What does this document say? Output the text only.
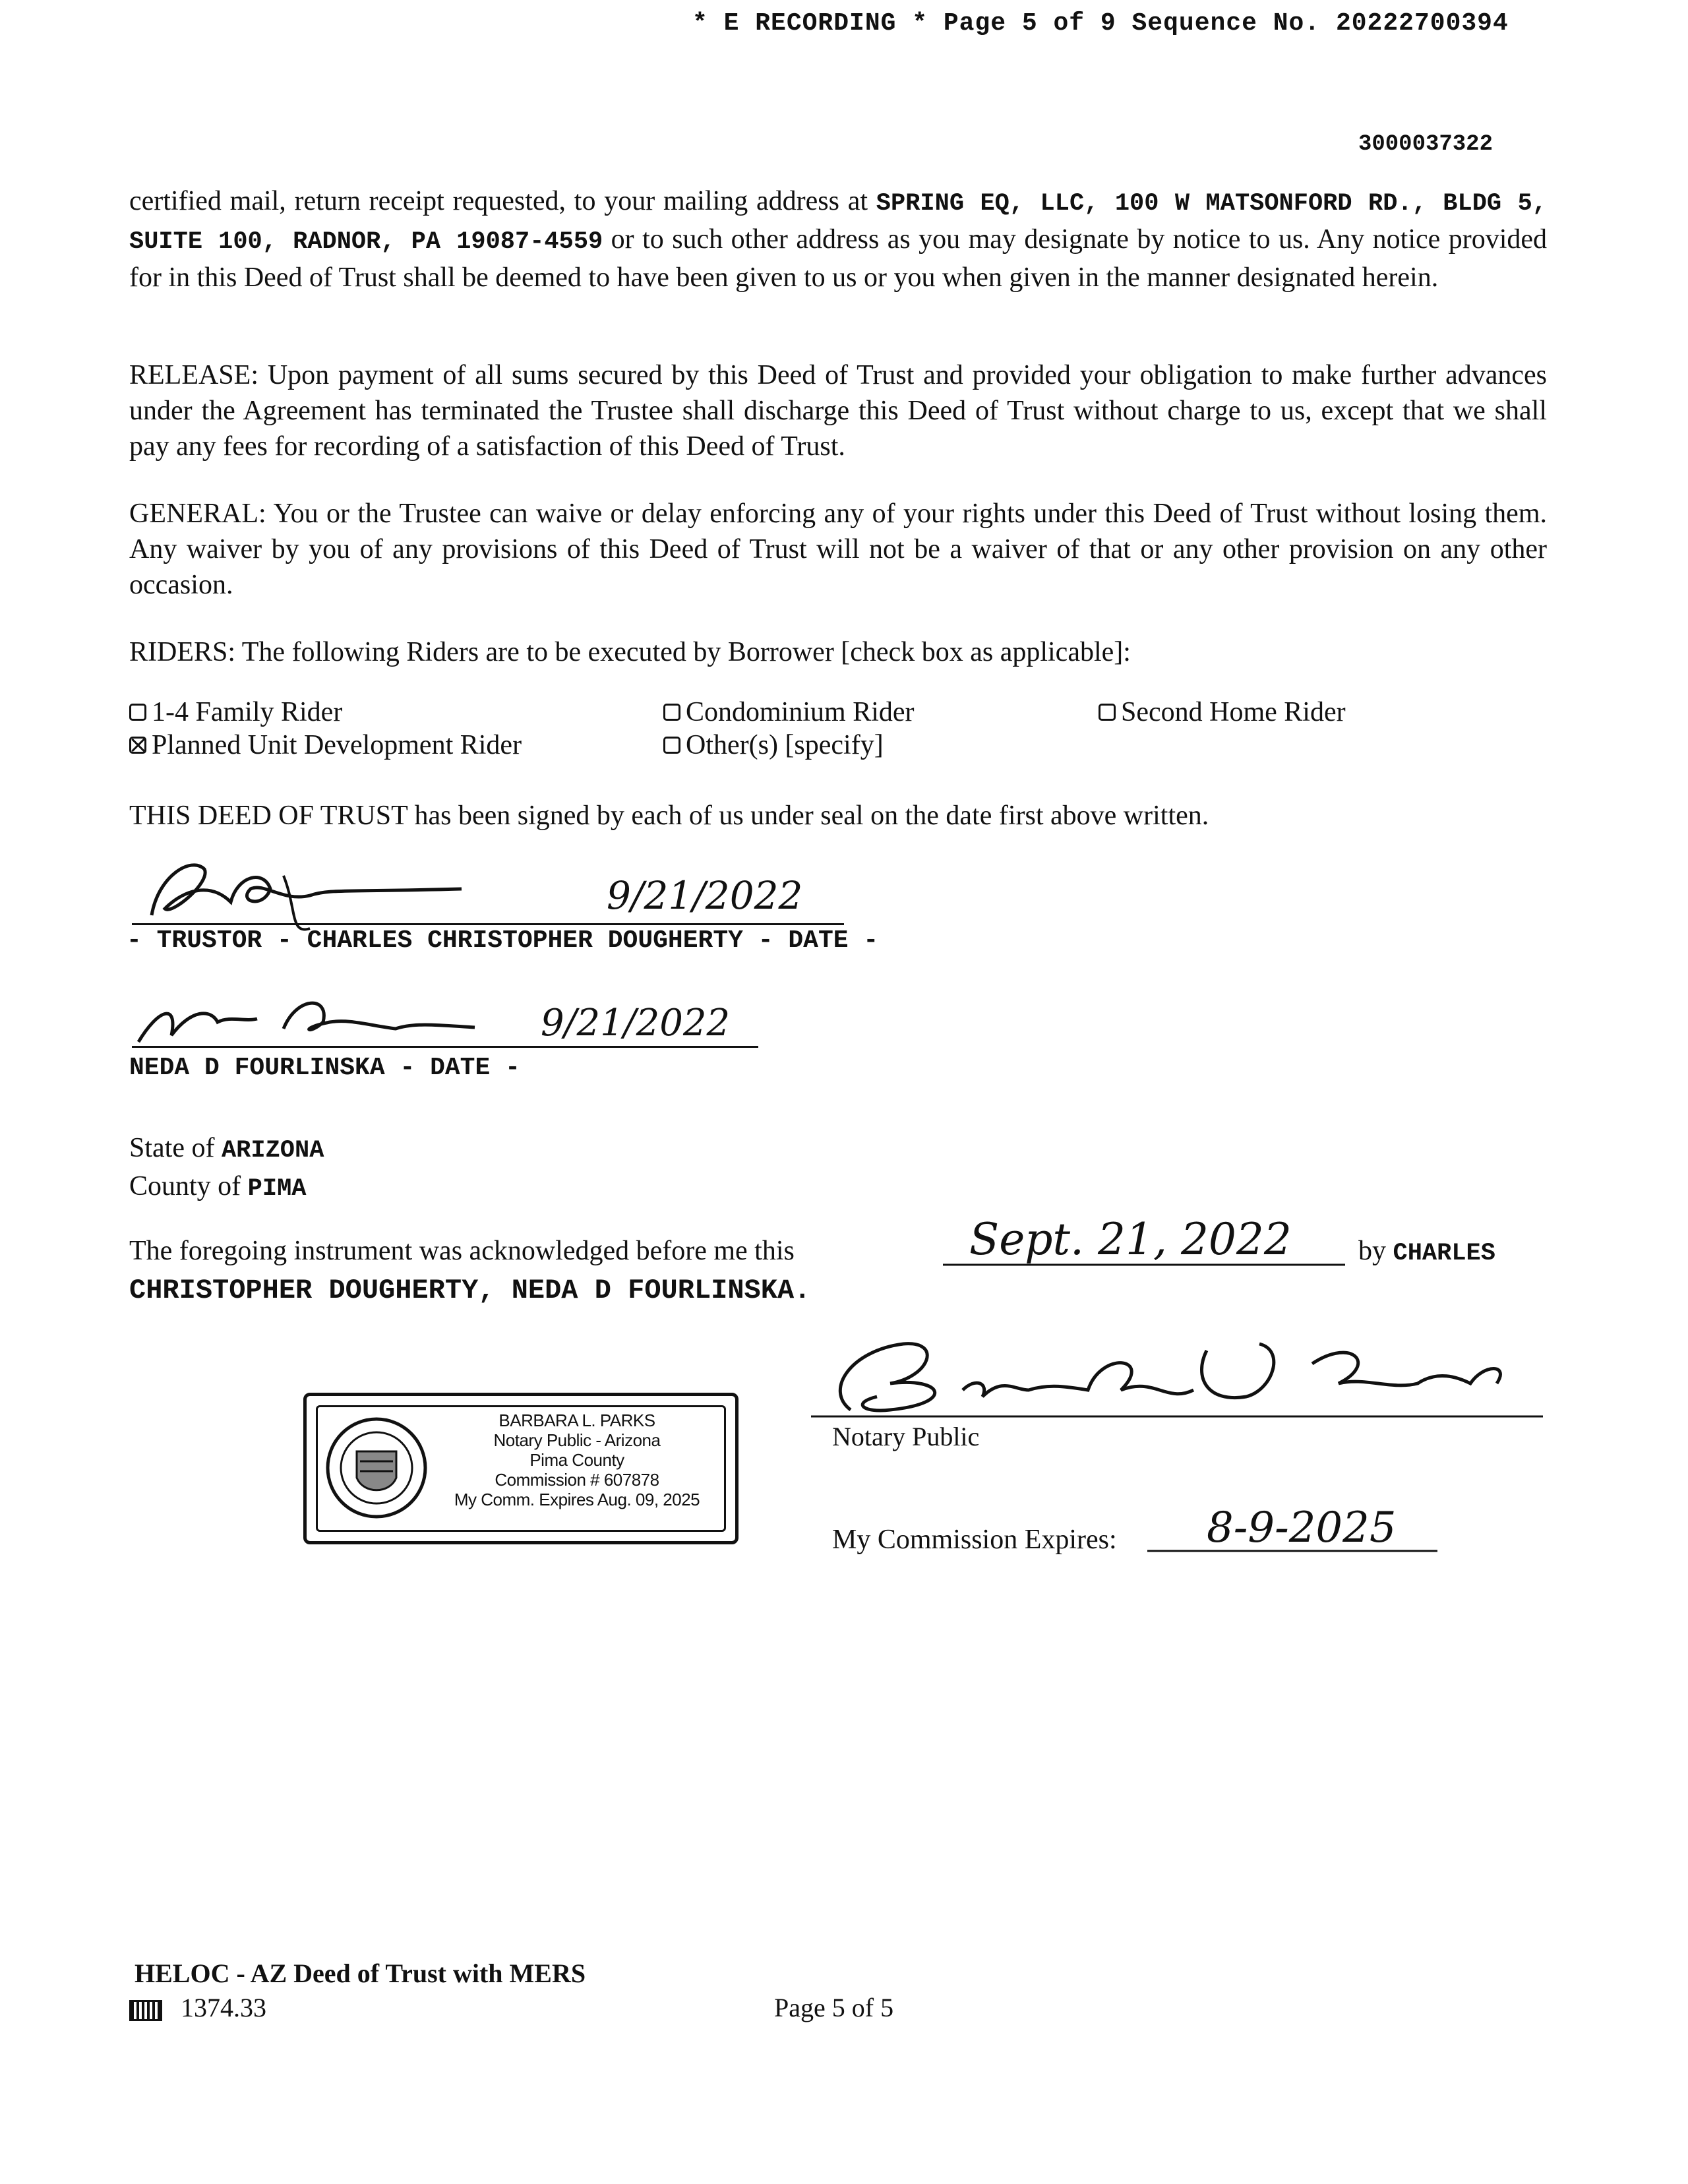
* E RECORDING * Page 5 of 9 Sequence No. 20222700394
3000037322
certified mail, return receipt requested, to your mailing address at SPRING EQ, LLC, 100 W MATSONFORD RD., BLDG 5, SUITE 100, RADNOR, PA 19087-4559 or to such other address as you may designate by notice to us. Any notice provided for in this Deed of Trust shall be deemed to have been given to us or you when given in the manner designated herein.
RELEASE: Upon payment of all sums secured by this Deed of Trust and provided your obligation to make further advances under the Agreement has terminated the Trustee shall discharge this Deed of Trust without charge to us, except that we shall pay any fees for recording of a satisfaction of this Deed of Trust.
GENERAL: You or the Trustee can waive or delay enforcing any of your rights under this Deed of Trust without losing them. Any waiver by you of any provisions of this Deed of Trust will not be a waiver of that or any other provision on any other occasion.
RIDERS: The following Riders are to be executed by Borrower [check box as applicable]:
1-4 Family Rider	Condominium Rider	Second Home Rider
Planned Unit Development Rider	Other(s) [specify]
THIS DEED OF TRUST has been signed by each of us under seal on the date first above written.
9/21/2022
- TRUSTOR - CHARLES CHRISTOPHER DOUGHERTY - DATE -
9/21/2022
NEDA D FOURLINSKA - DATE -
State of ARIZONA
County of PIMA
The foregoing instrument was acknowledged before me this	Sept. 21, 2022 by CHARLES
CHRISTOPHER DOUGHERTY, NEDA D FOURLINSKA.
BARBARA L. PARKS
Notary Public - Arizona
Pima County
Commission # 607878
My Comm. Expires Aug. 09, 2025
Notary Public
My Commission Expires: 8-9-2025
HELOC - AZ Deed of Trust with MERS
1374.33	Page 5 of 5
